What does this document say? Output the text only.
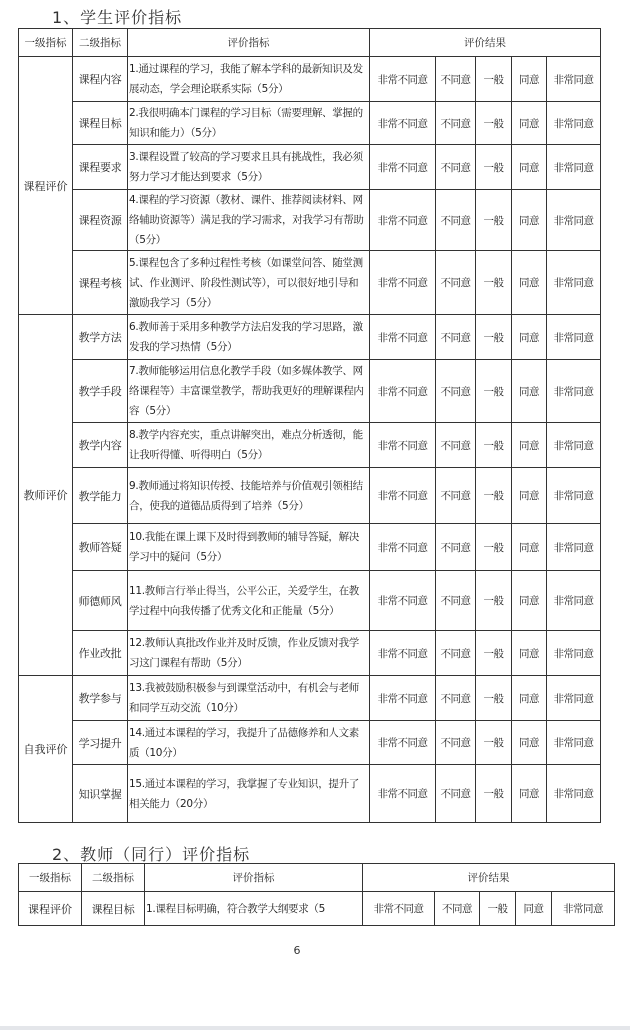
1、学生评价指标
一级指标	二级指标	评价指标	评价结果				
课程评价	课程内容	1.通过课程的学习，我能了解本学科的最新知识及发展动态，学会理论联系实际（5分）	非常不同意	不同意	一般	同意	非常同意
	课程目标	2.我很明确本门课程的学习目标（需要理解、掌握的知识和能力）（5分）	非常不同意	不同意	一般	同意	非常同意
	课程要求	3.课程设置了较高的学习要求且具有挑战性，我必须努力学习才能达到要求（5分）	非常不同意	不同意	一般	同意	非常同意
	课程资源	4.课程的学习资源（教材、课件、推荐阅读材料、网络辅助资源等）满足我的学习需求，对我学习有帮助（5分）	非常不同意	不同意	一般	同意	非常同意
	课程考核	5.课程包含了多种过程性考核（如课堂问答、随堂测试、作业测评、阶段性测试等），可以很好地引导和激励我学习（5分）	非常不同意	不同意	一般	同意	非常同意
教师评价	教学方法	6.教师善于采用多种教学方法启发我的学习思路，激发我的学习热情（5分）	非常不同意	不同意	一般	同意	非常同意
	教学手段	7.教师能够运用信息化教学手段（如多媒体教学、网络课程等）丰富课堂教学，帮助我更好的理解课程内容（5分）	非常不同意	不同意	一般	同意	非常同意
	教学内容	8.教学内容充实，重点讲解突出，难点分析透彻，能让我听得懂、听得明白（5分）	非常不同意	不同意	一般	同意	非常同意
	教学能力	9.教师通过将知识传授、技能培养与价值观引领相结合，使我的道德品质得到了培养（5分）	非常不同意	不同意	一般	同意	非常同意
	教师答疑	10.我能在课上课下及时得到教师的辅导答疑，解决学习中的疑问（5分）	非常不同意	不同意	一般	同意	非常同意
	师德师风	11.教师言行举止得当，公平公正，关爱学生，在教学过程中向我传播了优秀文化和正能量（5分）	非常不同意	不同意	一般	同意	非常同意
	作业改批	12.教师认真批改作业并及时反馈，作业反馈对我学习这门课程有帮助（5分）	非常不同意	不同意	一般	同意	非常同意
自我评价	教学参与	13.我被鼓励积极参与到课堂活动中，有机会与老师和同学互动交流（10分）	非常不同意	不同意	一般	同意	非常同意
	学习提升	14.通过本课程的学习，我提升了品德修养和人文素质（10分）	非常不同意	不同意	一般	同意	非常同意
	知识掌握	15.通过本课程的学习，我掌握了专业知识，提升了相关能力（20分）	非常不同意	不同意	一般	同意	非常同意
2、教师（同行）评价指标
一级指标	二级指标	评价指标	评价结果				
课程评价	课程目标	1.课程目标明确，符合教学大纲要求（5	非常不同意	不同意	一般	同意	非常同意
6
